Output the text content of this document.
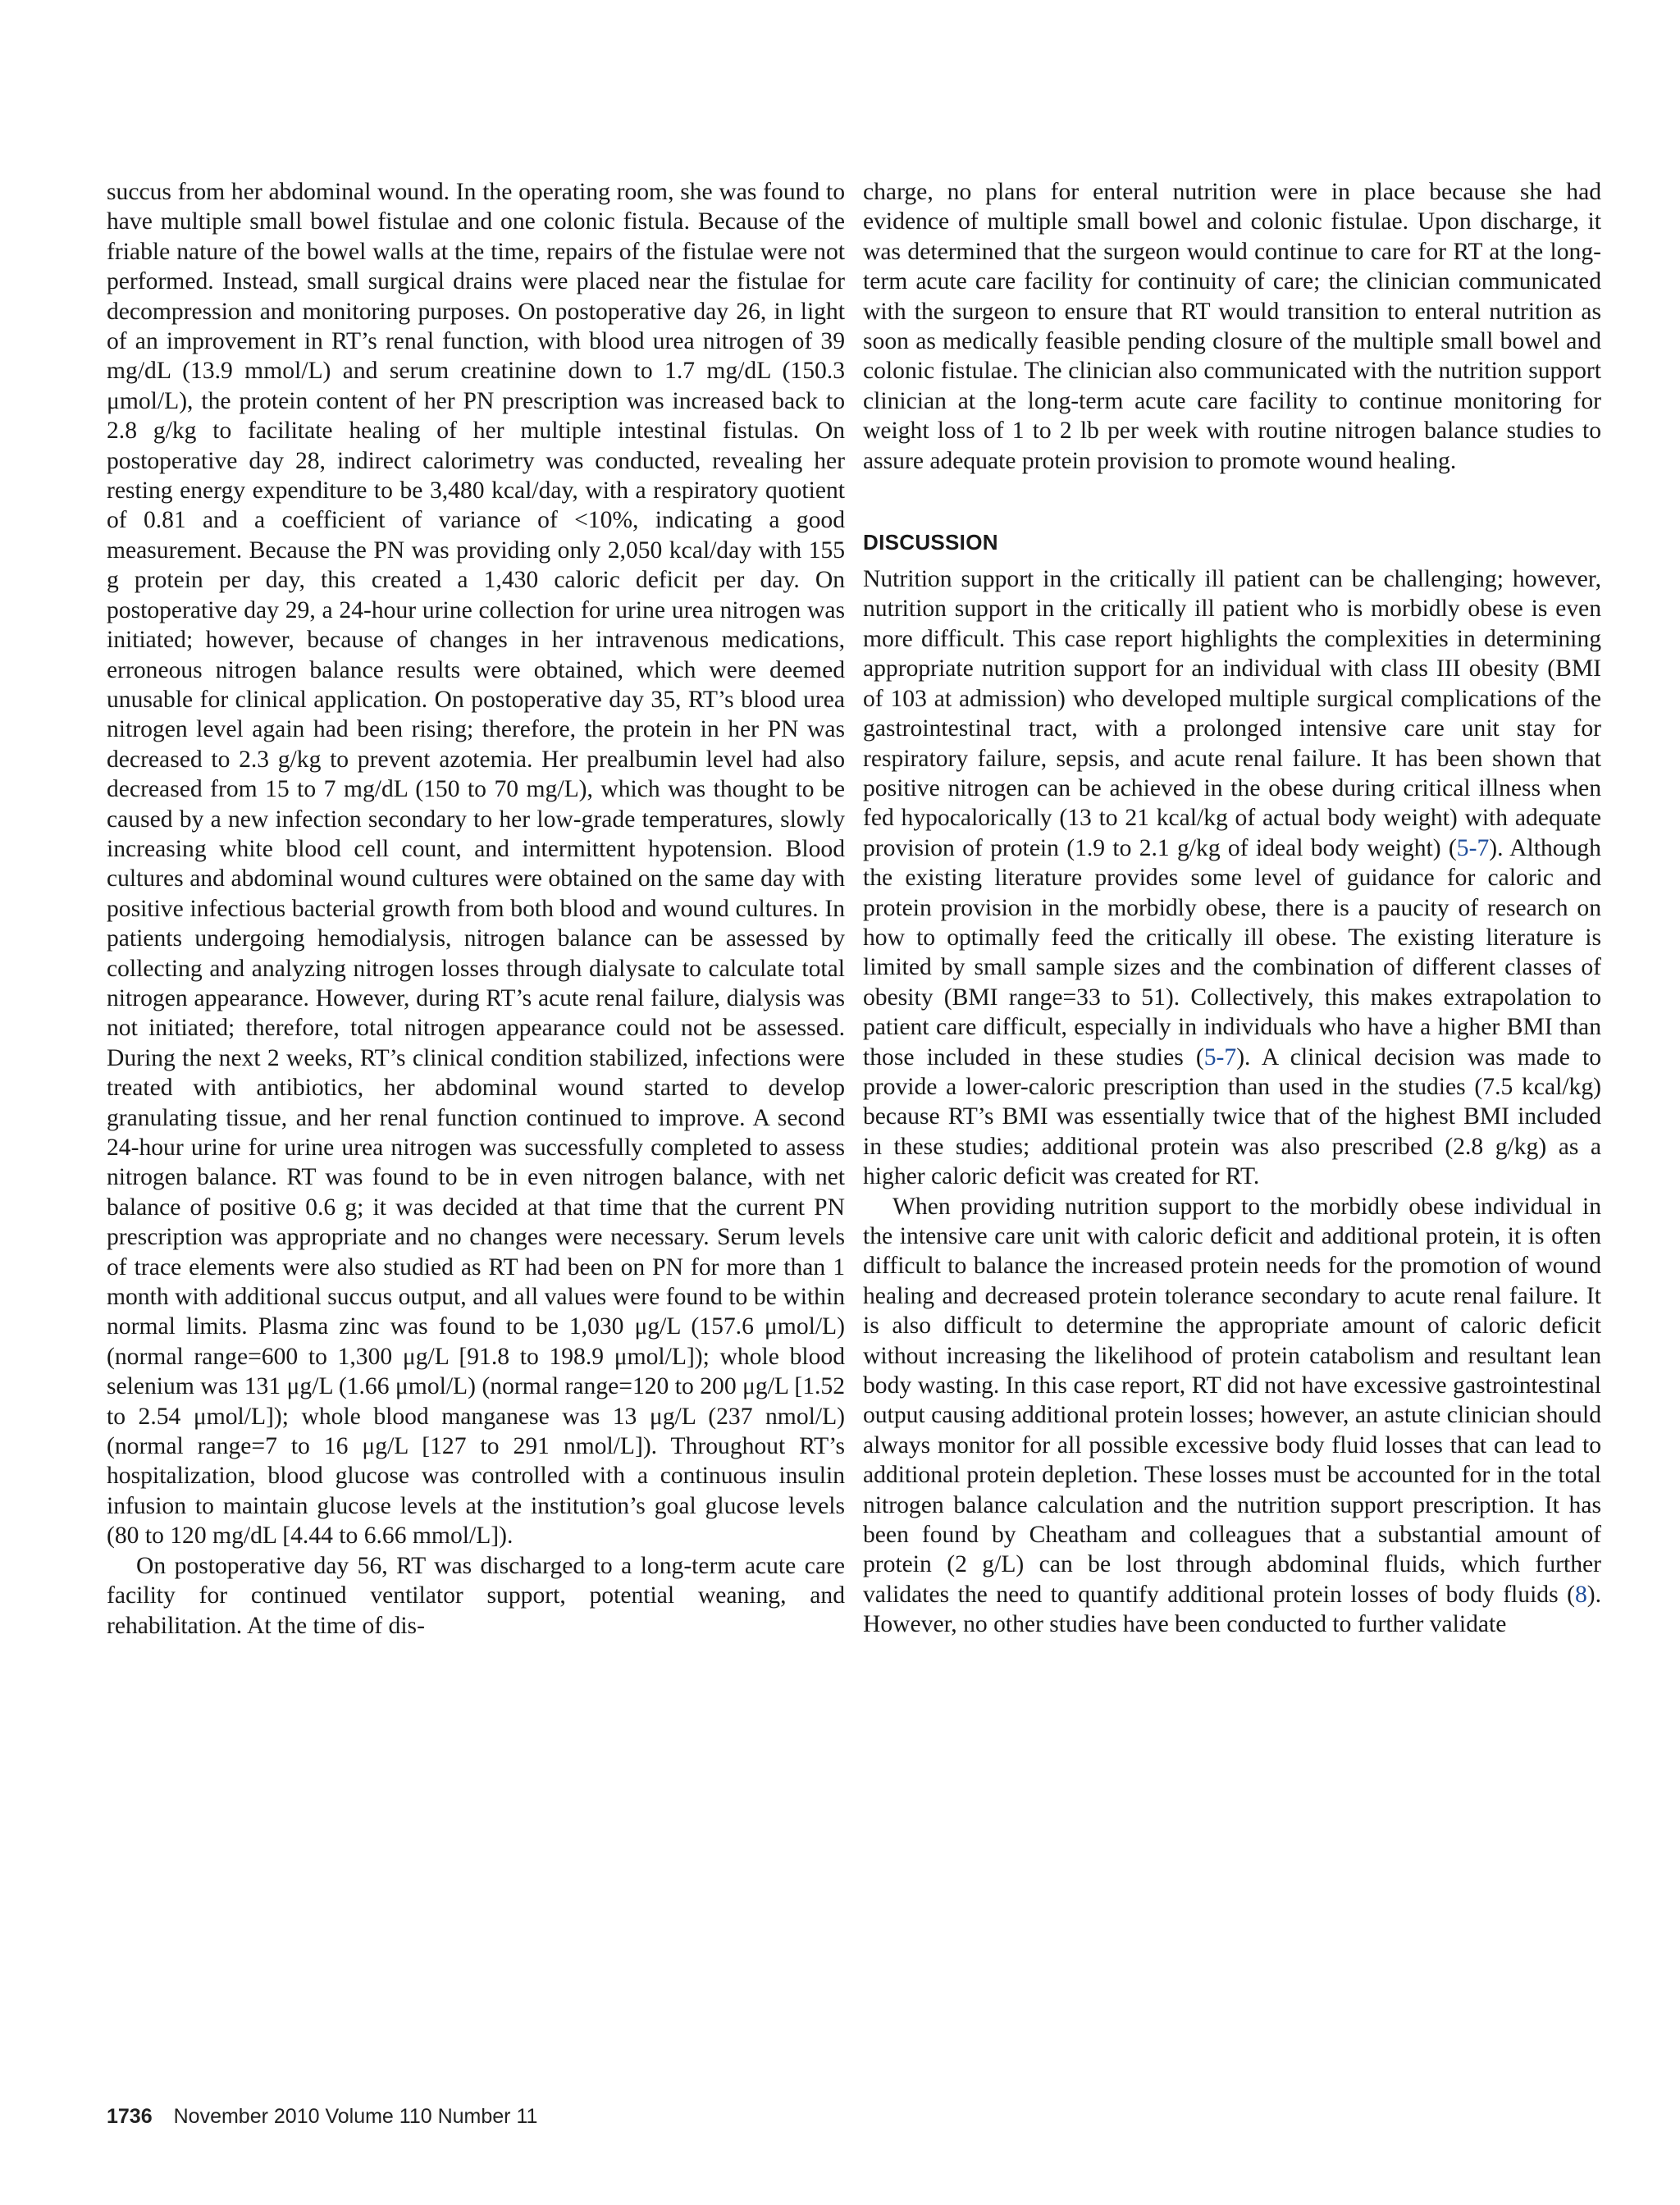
succus from her abdominal wound. In the operating room, she was found to have multiple small bowel fistulae and one colonic fistula. Because of the friable nature of the bowel walls at the time, repairs of the fistulae were not performed. Instead, small surgical drains were placed near the fistulae for decompression and monitoring purposes. On postoperative day 26, in light of an improvement in RT’s renal function, with blood urea nitrogen of 39 mg/dL (13.9 mmol/L) and serum creatinine down to 1.7 mg/dL (150.3 μmol/L), the protein content of her PN prescription was increased back to 2.8 g/kg to facilitate healing of her multiple intestinal fistulas. On postoperative day 28, indirect calorimetry was conducted, revealing her resting energy expenditure to be 3,480 kcal/day, with a respiratory quotient of 0.81 and a coefficient of variance of <10%, indicating a good measurement. Because the PN was providing only 2,050 kcal/day with 155 g protein per day, this created a 1,430 caloric deficit per day. On postoperative day 29, a 24-hour urine collection for urine urea nitrogen was initiated; however, because of changes in her intravenous medications, erroneous nitrogen balance results were obtained, which were deemed unusable for clinical application. On postoperative day 35, RT’s blood urea nitrogen level again had been rising; therefore, the protein in her PN was decreased to 2.3 g/kg to prevent azotemia. Her prealbumin level had also decreased from 15 to 7 mg/dL (150 to 70 mg/L), which was thought to be caused by a new infection secondary to her low-grade temperatures, slowly increasing white blood cell count, and intermittent hypotension. Blood cultures and abdominal wound cultures were obtained on the same day with positive infectious bacterial growth from both blood and wound cultures. In patients undergoing hemodialysis, nitrogen balance can be assessed by collecting and analyzing nitrogen losses through dialysate to calculate total nitrogen appearance. However, during RT’s acute renal failure, dialysis was not initiated; therefore, total nitrogen appearance could not be assessed. During the next 2 weeks, RT’s clinical condition stabilized, infections were treated with antibiotics, her abdominal wound started to develop granulating tissue, and her renal function continued to improve. A second 24-hour urine for urine urea nitrogen was successfully completed to assess nitrogen balance. RT was found to be in even nitrogen balance, with net balance of positive 0.6 g; it was decided at that time that the current PN prescription was appropriate and no changes were necessary. Serum levels of trace elements were also studied as RT had been on PN for more than 1 month with additional succus output, and all values were found to be within normal limits. Plasma zinc was found to be 1,030 μg/L (157.6 μmol/L) (normal range=600 to 1,300 μg/L [91.8 to 198.9 μmol/L]); whole blood selenium was 131 μg/L (1.66 μmol/L) (normal range=120 to 200 μg/L [1.52 to 2.54 μmol/L]); whole blood manganese was 13 μg/L (237 nmol/L) (normal range=7 to 16 μg/L [127 to 291 nmol/L]). Throughout RT’s hospitalization, blood glucose was controlled with a continuous insulin infusion to maintain glucose levels at the institution’s goal glucose levels (80 to 120 mg/dL [4.44 to 6.66 mmol/L]).

On postoperative day 56, RT was discharged to a long-term acute care facility for continued ventilator support, potential weaning, and rehabilitation. At the time of dis-

charge, no plans for enteral nutrition were in place because she had evidence of multiple small bowel and colonic fistulae. Upon discharge, it was determined that the surgeon would continue to care for RT at the long-term acute care facility for continuity of care; the clinician communicated with the surgeon to ensure that RT would transition to enteral nutrition as soon as medically feasible pending closure of the multiple small bowel and colonic fistulae. The clinician also communicated with the nutrition support clinician at the long-term acute care facility to continue monitoring for weight loss of 1 to 2 lb per week with routine nitrogen balance studies to assure adequate protein provision to promote wound healing.

DISCUSSION

Nutrition support in the critically ill patient can be challenging; however, nutrition support in the critically ill patient who is morbidly obese is even more difficult. This case report highlights the complexities in determining appropriate nutrition support for an individual with class III obesity (BMI of 103 at admission) who developed multiple surgical complications of the gastrointestinal tract, with a prolonged intensive care unit stay for respiratory failure, sepsis, and acute renal failure. It has been shown that positive nitrogen can be achieved in the obese during critical illness when fed hypocalorically (13 to 21 kcal/kg of actual body weight) with adequate provision of protein (1.9 to 2.1 g/kg of ideal body weight) (5-7). Although the existing literature provides some level of guidance for caloric and protein provision in the morbidly obese, there is a paucity of research on how to optimally feed the critically ill obese. The existing literature is limited by small sample sizes and the combination of different classes of obesity (BMI range=33 to 51). Collectively, this makes extrapolation to patient care difficult, especially in individuals who have a higher BMI than those included in these studies (5-7). A clinical decision was made to provide a lower-caloric prescription than used in the studies (7.5 kcal/kg) because RT’s BMI was essentially twice that of the highest BMI included in these studies; additional protein was also prescribed (2.8 g/kg) as a higher caloric deficit was created for RT.

When providing nutrition support to the morbidly obese individual in the intensive care unit with caloric deficit and additional protein, it is often difficult to balance the increased protein needs for the promotion of wound healing and decreased protein tolerance secondary to acute renal failure. It is also difficult to determine the appropriate amount of caloric deficit without increasing the likelihood of protein catabolism and resultant lean body wasting. In this case report, RT did not have excessive gastrointestinal output causing additional protein losses; however, an astute clinician should always monitor for all possible excessive body fluid losses that can lead to additional protein depletion. These losses must be accounted for in the total nitrogen balance calculation and the nutrition support prescription. It has been found by Cheatham and colleagues that a substantial amount of protein (2 g/L) can be lost through abdominal fluids, which further validates the need to quantify additional protein losses of body fluids (8). However, no other studies have been conducted to further validate

1736 November 2010 Volume 110 Number 11
